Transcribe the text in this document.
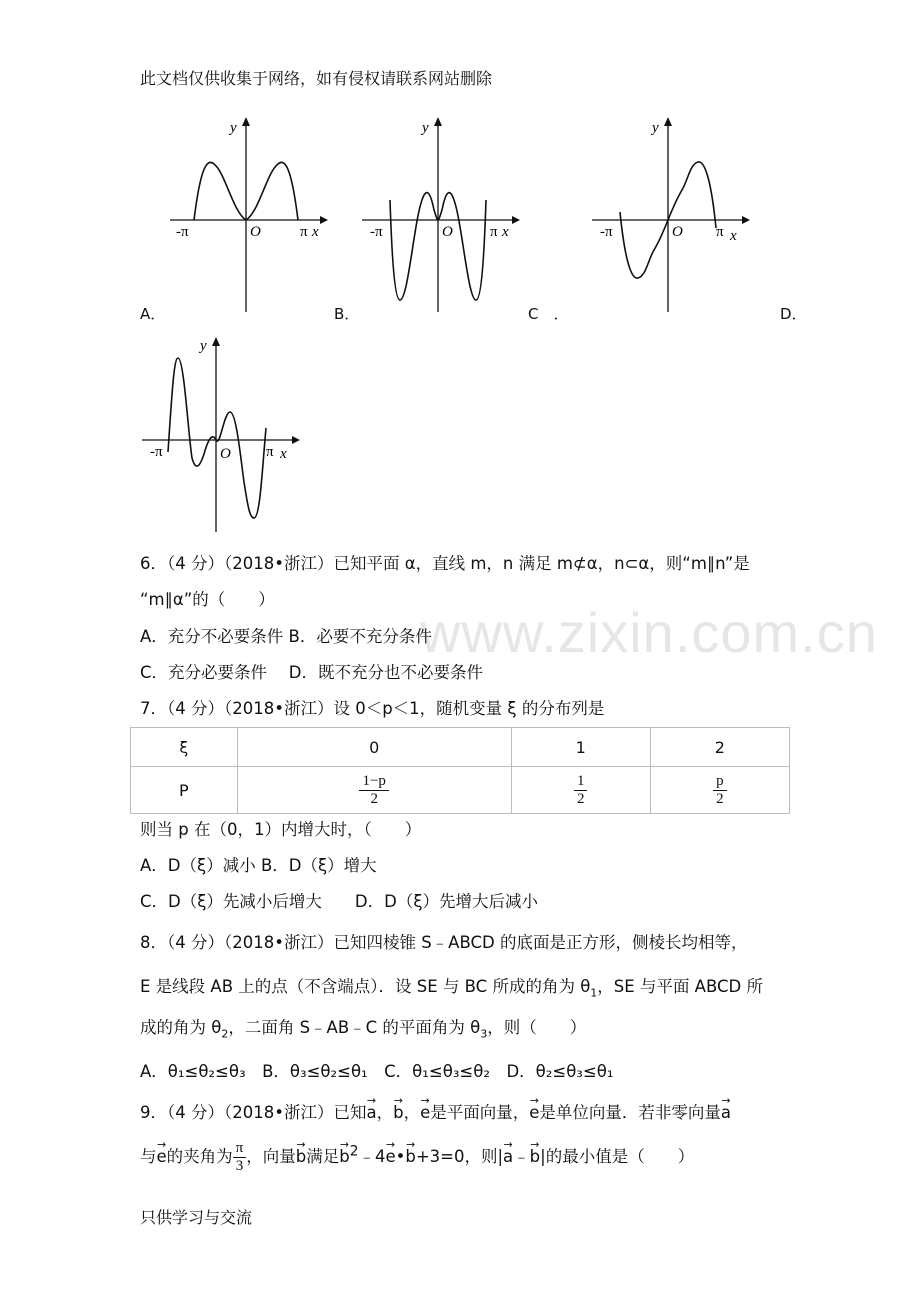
此文档仅供收集于网络，如有侵权请联系网站删除
www.zixin.com.cn
y
-π	O	π x
y
-π	O π x
y
-π	O π x
A．	B．	C　．	D．
y
-π	O π x
6．（4 分）（2018•浙江）已知平面 α，直线 m，n 满足 m⊄α，n⊂α，则“m∥n”是
“m∥α”的（　　）
A．充分不必要条件 B．必要不充分条件
C．充分必要条件　 D．既不充分也不必要条件
7．（4 分）（2018•浙江）设 0＜p＜1，随机变量 ξ 的分布列是
ξ	0	1	2
P	$\frac{1-p}{2}$	$\frac{1}{2}$	$\frac{p}{2}$
则当 p 在（0，1）内增大时，（　　）
A．D（ξ）减小 B．D（ξ）增大
C．D（ξ）先减小后增大　　D．D（ξ）先增大后减小
8．（4 分）（2018•浙江）已知四棱锥 S﹣ABCD 的底面是正方形，侧棱长均相等，
E 是线段 AB 上的点（不含端点）．设 SE 与 BC 所成的角为 $\theta_1$，SE 与平面 ABCD 所
成的角为 $\theta_2$，二面角 S﹣AB﹣C 的平面角为 $\theta_3$，则（　　）
A．θ₁≤θ₂≤θ₃　B．θ₃≤θ₂≤θ₁　C．θ₁≤θ₃≤θ₂　D．θ₂≤θ₃≤θ₁
9．（4 分）（2018•浙江）已知→ a，→ b，→ e是平面向量，→ e是单位向量．若非零向量→ a
与→ e的夹角为 $\frac{\pi}{3}$ ，向量→ b满足→ $b^2﹣4\to$ e•→ b+3=0，则|→ a﹣→ b|的最小值是（　　）
只供学习与交流
